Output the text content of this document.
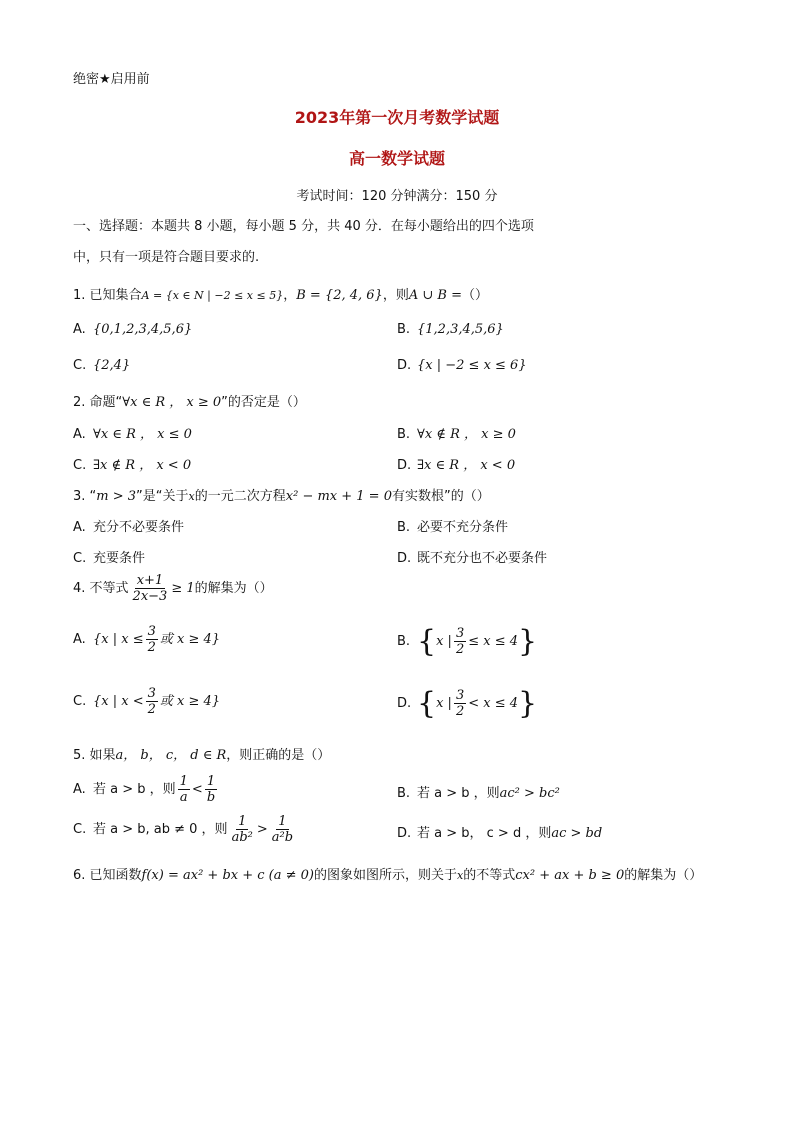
绝密★启用前
2023年第一次月考数学试题
高一数学试题
考试时间：120 分钟满分：150 分
一、选择题：本题共 8 小题，每小题 5 分，共 40 分．在每小题给出的四个选项
中，只有一项是符合题目要求的.
1. 已知集合A = {x ∈ N | −2 ≤ x ≤ 5}，B = {2, 4, 6}，则A ∪ B =（）
A. {0,1,2,3,4,5,6}	B. {1,2,3,4,5,6}
C. {2,4}	D. {x | −2 ≤ x ≤ 6}
2. 命题“∀x ∈ R ， x ≥ 0”的否定是（）
A. ∀x ∈ R ， x ≤ 0	B. ∀x ∉ R ， x ≥ 0
C. ∃x ∉ R ， x < 0	D. ∃x ∈ R ， x < 0
3. “m > 3”是“关于x的一元二次方程x² − mx + 1 = 0有实数根”的（）
A. 充分不必要条件	B. 必要不充分条件
C. 充要条件	D. 既不充分也不必要条件
4. 不等式 $\frac{x+1}{2x-3} \ge 1$的解集为（）
A. {x | $x \le \frac{3}{2}$ 或 x ≥ 4}	B. {x | $\frac{3}{2} \le x \le 4$}
C. {x | $x < \frac{3}{2}$ 或 x ≥ 4}	D. {x | $\frac{3}{2} < x \le 4$}
5. 如果a， b， c， d ∈ R，则正确的是（）
A. 若 a > b ，则 $\frac{1}{a} < \frac{1}{b}$	B. 若 a > b ，则ac² > bc²
C. 若 a > b, ab ≠ 0 ，则 $\frac{1}{\text{ab²}} > \frac{1}{\text{a²b}}$	D. 若 a > b， c > d ，则ac > bd
6. 已知函数f(x) = ax² + bx + c (a ≠ 0)的图象如图所示，则关于x的不等式cx² + ax + b ≥ 0的解集为（）
